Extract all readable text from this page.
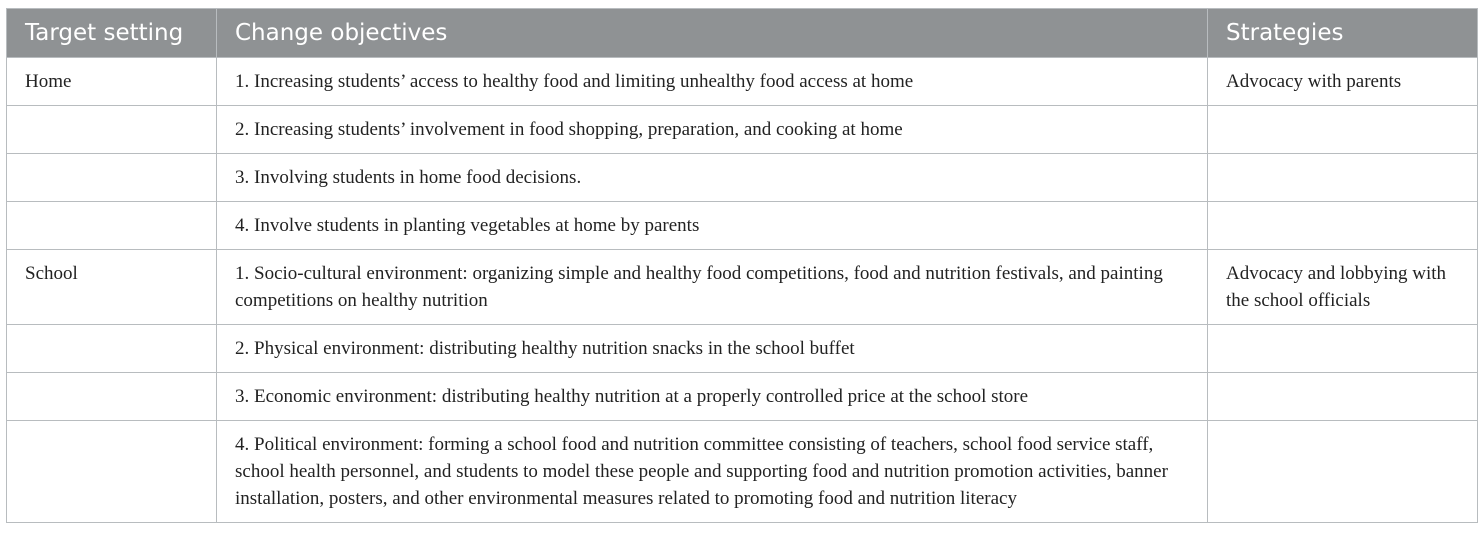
Target setting	Change objectives	Strategies
Home	1. Increasing students’ access to healthy food and limiting unhealthy food access at home	Advocacy with parents
	2. Increasing students’ involvement in food shopping, preparation, and cooking at home	
	3. Involving students in home food decisions.	
	4. Involve students in planting vegetables at home by parents	
School	1. Socio-cultural environment: organizing simple and healthy food competitions, food and nutrition festivals, and painting competitions on healthy nutrition	Advocacy and lobbying with the school officials
	2. Physical environment: distributing healthy nutrition snacks in the school buffet	
	3. Economic environment: distributing healthy nutrition at a properly controlled price at the school store	
	4. Political environment: forming a school food and nutrition committee consisting of teachers, school food service staff, school health personnel, and students to model these people and supporting food and nutrition promotion activities, banner installation, posters, and other environmental measures related to promoting food and nutrition literacy	
